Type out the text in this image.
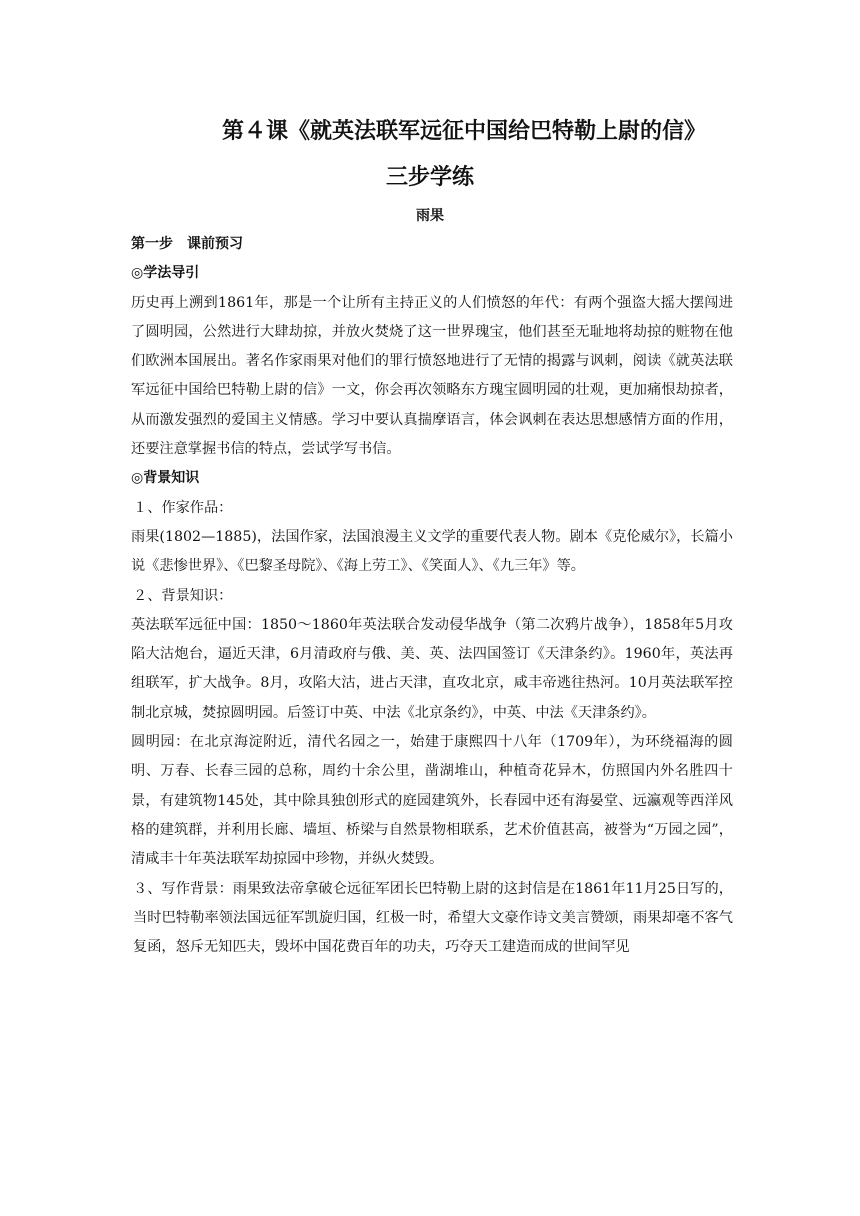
第４课《就英法联军远征中国给巴特勒上尉的信》
三步学练
雨果

第一步　课前预习

◎学法导引

历史再上溯到1861年，那是一个让所有主持正义的人们愤怒的年代：有两个强盗大摇大摆闯进了圆明园，公然进行大肆劫掠，并放火焚烧了这一世界瑰宝，他们甚至无耻地将劫掠的赃物在他们欧洲本国展出。著名作家雨果对他们的罪行愤怒地进行了无情的揭露与讽刺，阅读《就英法联军远征中国给巴特勒上尉的信》一文，你会再次领略东方瑰宝圆明园的壮观，更加痛恨劫掠者，从而激发强烈的爱国主义情感。学习中要认真揣摩语言，体会讽刺在表达思想感情方面的作用，还要注意掌握书信的特点，尝试学写书信。

◎背景知识

１、作家作品：

雨果(1802—1885)，法国作家，法国浪漫主义文学的重要代表人物。剧本《克伦威尔》，长篇小说《悲惨世界》、《巴黎圣母院》、《海上劳工》、《笑面人》、《九三年》等。

２、背景知识：

英法联军远征中国：1850～1860年英法联合发动侵华战争（第二次鸦片战争），1858年5月攻陷大沽炮台，逼近天津，6月清政府与俄、美、英、法四国签订《天津条约》。1960年，英法再组联军，扩大战争。8月，攻陷大沽，进占天津，直攻北京，咸丰帝逃往热河。10月英法联军控制北京城，焚掠圆明园。后签订中英、中法《北京条约》，中英、中法《天津条约》。

圆明园：在北京海淀附近，清代名园之一，始建于康熙四十八年（1709年），为环绕福海的圆明、万春、长春三园的总称，周约十余公里，凿湖堆山，种植奇花异木，仿照国内外名胜四十景，有建筑物145处，其中除具独创形式的庭园建筑外，长春园中还有海晏堂、远瀛观等西洋风格的建筑群，并利用长廊、墙垣、桥梁与自然景物相联系，艺术价值甚高，被誉为“万园之园”，清咸丰十年英法联军劫掠园中珍物，并纵火焚毁。

３、写作背景：雨果致法帝拿破仑远征军团长巴特勒上尉的这封信是在1861年11月25日写的，当时巴特勒率领法国远征军凯旋归国，红极一时，希望大文豪作诗文美言赞颂，雨果却毫不客气复函，怒斥无知匹夫，毁坏中国花费百年的功夫，巧夺天工建造而成的世间罕见
